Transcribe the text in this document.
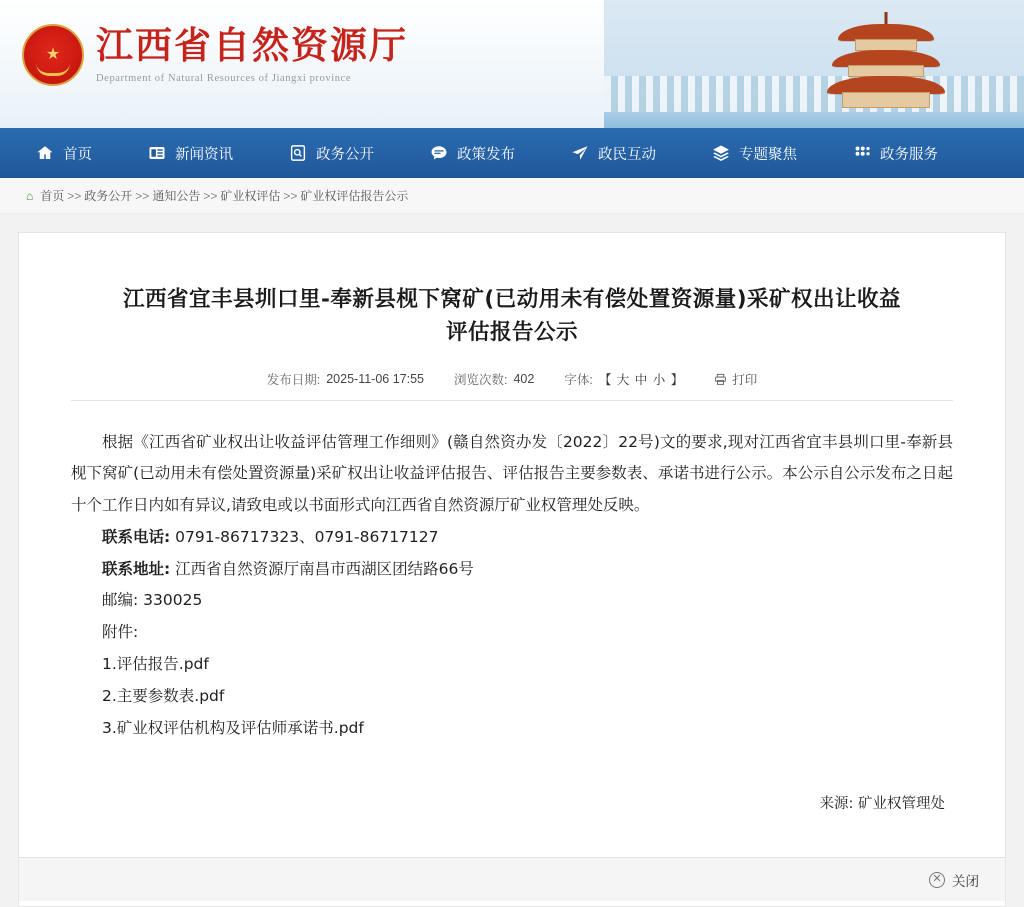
★ 江西省自然资源厅
Department of Natural Resources of Jiangxi province
首页	新闻资讯	政务公开	政策发布	政民互动	专题聚焦	政务服务
⌂ 首页 >> 政务公开 >> 通知公告 >> 矿业权评估 >> 矿业权评估报告公示
江西省宜丰县圳口里-奉新县枧下窝矿(已动用未有偿处置资源量)采矿权出让收益评估报告公示
发布日期: 2025-11-06 17:55 浏览次数: 402 字体: 【 大 中 小 】	打印

根据《江西省矿业权出让收益评估管理工作细则》(赣自然资办发〔2022〕22号)文的要求,现对江西省宜丰县圳口里-奉新县枧下窝矿(已动用未有偿处置资源量)采矿权出让收益评估报告、评估报告主要参数表、承诺书进行公示。本公示自公示发布之日起十个工作日内如有异议,请致电或以书面形式向江西省自然资源厅矿业权管理处反映。

联系电话: 0791-86717323、0791-86717127

联系地址: 江西省自然资源厅南昌市西湖区团结路66号

邮编: 330025

附件:

1.评估报告.pdf

2.主要参数表.pdf

3.矿业权评估机构及评估师承诺书.pdf

来源: 矿业权管理处
✕ 关闭
